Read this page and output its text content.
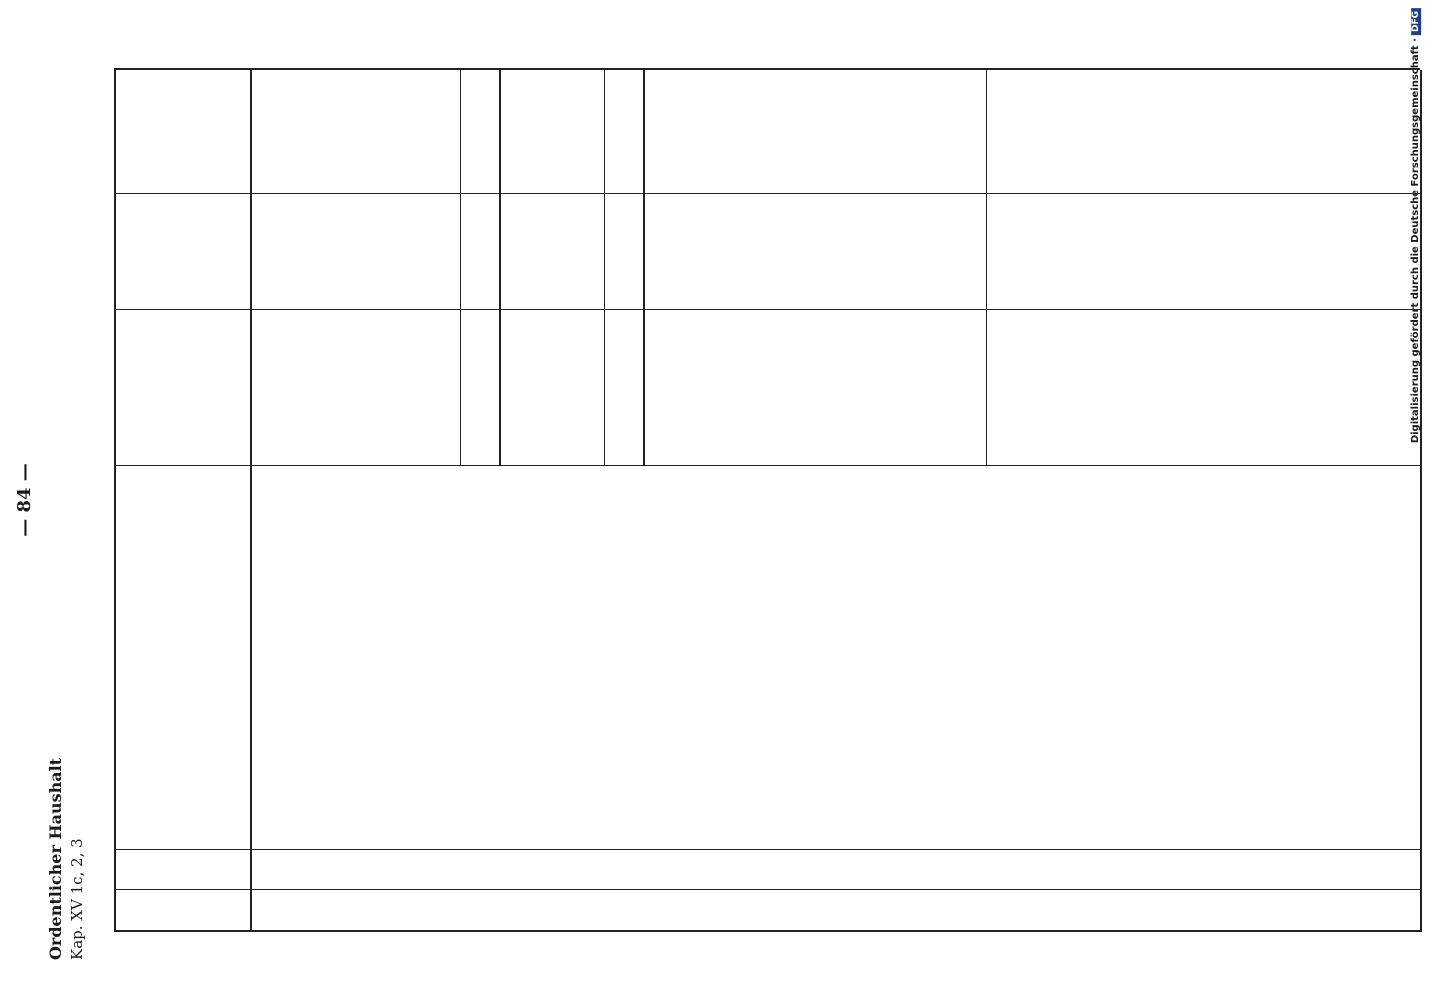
Digitalisierung gefördert durch die Deutsche Forschungsgemeinschaft ·DFG
Ordentlicher Haushalt Kap. XV 1c, 2, 3
— 84 —
